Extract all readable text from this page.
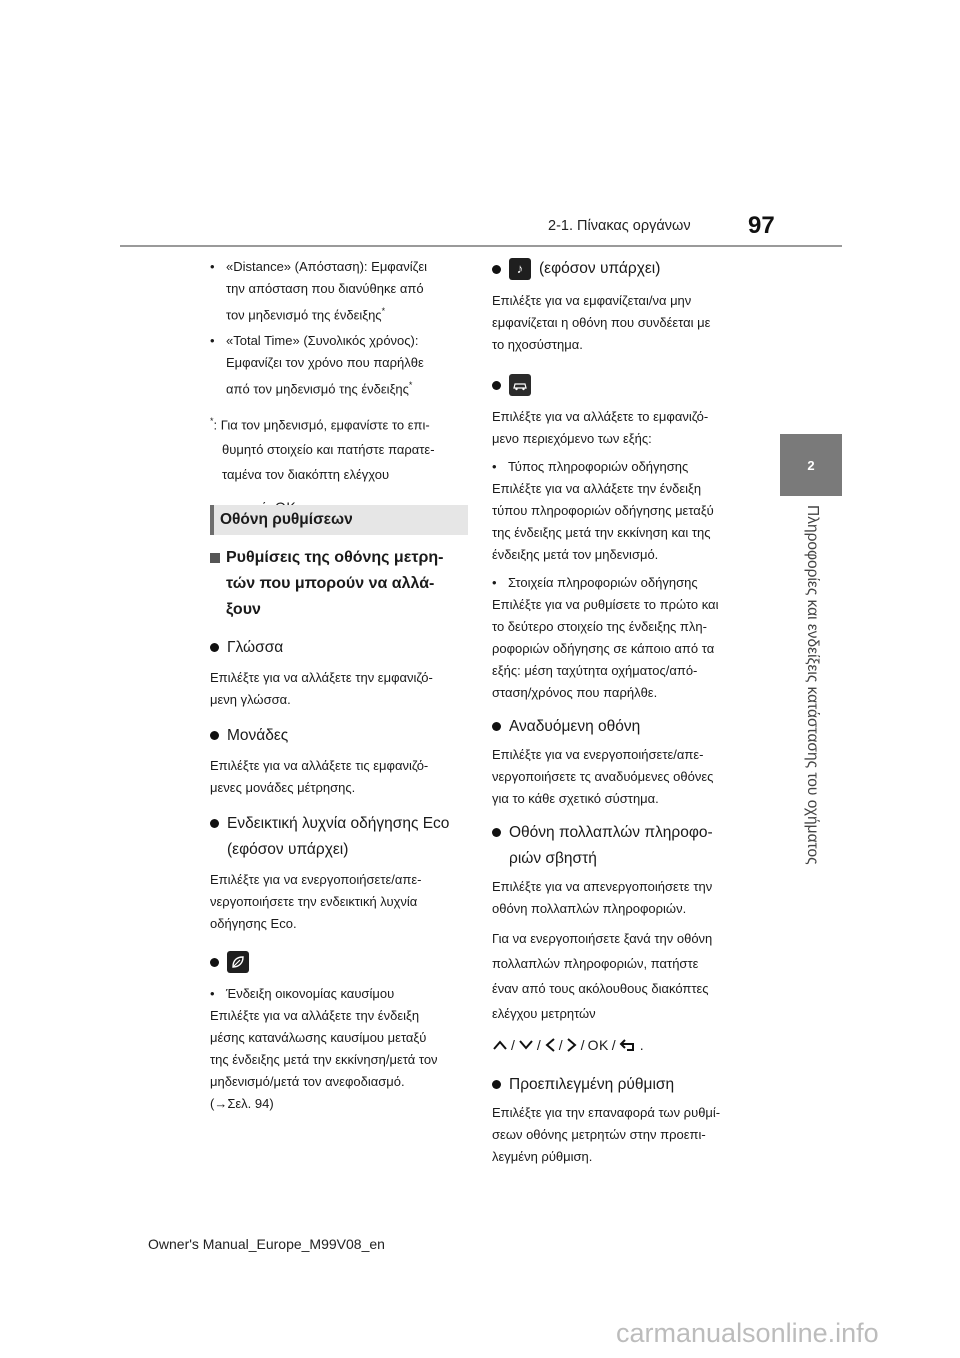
2-1. Πίνακας οργάνων 97
2
Πληροφορίες και ενδείξεις κατάστασης του οχήματος
• «Distance» (Απόσταση): Εμφανίζει

την απόσταση που διανύθηκε από

τον μηδενισμό της ένδειξης*

• «Total Time» (Συνολικός χρόνος):

Εμφανίζει τον χρόνο που παρήλθε

από τον μηδενισμό της ένδειξης*

*: Για τον μηδενισμό, εμφανίστε το επι-

θυμητό στοιχείο και πατήστε παρατε-

ταμένα τον διακόπτη ελέγχου

Οθόνη ρυθμίσεων

Ρυθμίσεις της οθόνης μετρη-

τών που μπορούν να αλλά-

ξουν

Γλώσσα

Επιλέξτε για να αλλάξετε την εμφανιζό-

μενη γλώσσα.

Μονάδες

Επιλέξτε για να αλλάξετε τις εμφανιζό-

μενες μονάδες μέτρησης.

Ενδεικτική λυχνία οδήγησης Eco

(εφόσον υπάρχει)

Επιλέξτε για να ενεργοποιήσετε/απε-

νεργοποιήσετε την ενδεικτική λυχνία

οδήγησης Eco.

• Ένδειξη οικονομίας καυσίμου

Επιλέξτε για να αλλάξετε την ένδειξη

μέσης κατανάλωσης καυσίμου μεταξύ

της ένδειξης μετά την εκκίνηση/μετά τον

μηδενισμό/μετά τον ανεφοδιασμό.

(→Σελ. 94)

♪	(εφόσον υπάρχει)

Επιλέξτε για να εμφανίζεται/να μην

εμφανίζεται η οθόνη που συνδέεται με

το ηχοσύστημα.

Επιλέξτε για να αλλάξετε το εμφανιζό-

μενο περιεχόμενο των εξής:

• Τύπος πληροφοριών οδήγησης

Επιλέξτε για να αλλάξετε την ένδειξη

τύπου πληροφοριών οδήγησης μεταξύ

της ένδειξης μετά την εκκίνηση και της

ένδειξης μετά τον μηδενισμό.

• Στοιχεία πληροφοριών οδήγησης

Επιλέξτε για να ρυθμίσετε το πρώτο και

το δεύτερο στοιχείο της ένδειξης πλη-

ροφοριών οδήγησης σε κάποιο από τα

εξής: μέση ταχύτητα οχήματος/από-

σταση/χρόνος που παρήλθε.

Αναδυόμενη οθόνη

Επιλέξτε για να ενεργοποιήσετε/απε-

νεργοποιήσετε τς αναδυόμενες οθόνες

για το κάθε σχετικό σύστημα.

Οθόνη πολλαπλών πληροφο-

ριών σβηστή

Επιλέξτε για να απενεργοποιήσετε την

οθόνη πολλαπλών πληροφοριών.

Για να ενεργοποιήσετε ξανά την οθόνη

πολλαπλών πληροφοριών, πατήστε

έναν από τους ακόλουθους διακόπτες

ελέγχου μετρητών

/ / / / OK / .

Προεπιλεγμένη ρύθμιση

Επιλέξτε για την επαναφορά των ρυθμί-

σεων οθόνης μετρητών στην προεπι-

λεγμένη ρύθμιση.

Owner's Manual_Europe_M99V08_en
carmanualsonline.info
